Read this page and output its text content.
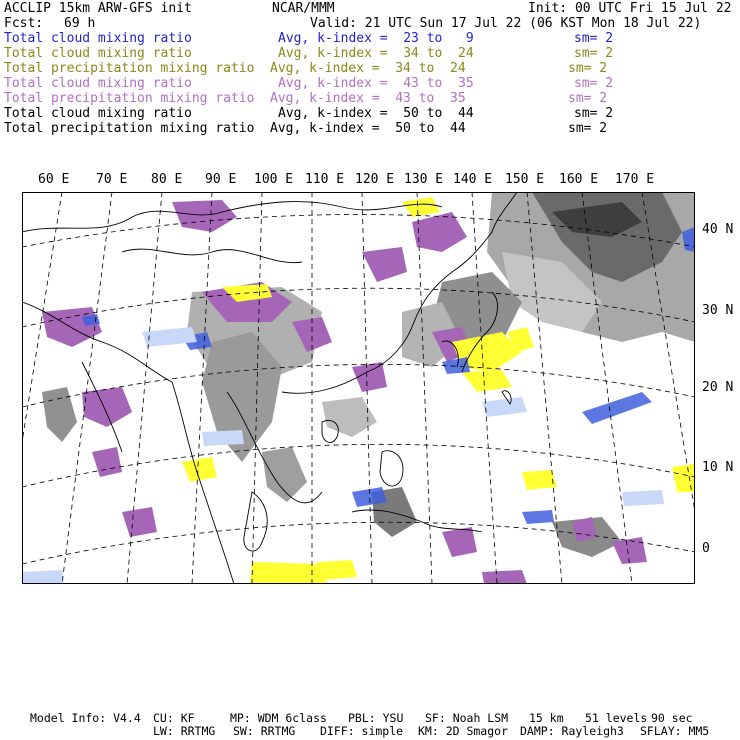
ACCLIP 15km ARW-GFS init	NCAR/MMM	Init: 00 UTC Fri 15 Jul 22
Fcst: 69 h	Valid: 21 UTC Sun 17 Jul 22 (06 KST Mon 18 Jul 22)
Total cloud mixing ratio	Avg, k-index =  23 to   9	sm= 2
Total cloud mixing ratio	Avg, k-index =  34 to  24	sm= 2
Total precipitation mixing ratio Avg, k-index =  34 to  24	sm= 2
Total cloud mixing ratio	Avg, k-index =  43 to  35	sm= 2
Total precipitation mixing ratio Avg, k-index =  43 to  35	sm= 2
Total cloud mixing ratio	Avg, k-index =  50 to  44	sm= 2
Total precipitation mixing ratio Avg, k-index =  50 to  44	sm= 2
60 E 70 E 80 E 90 E 100 E 110 E 120 E 130 E 140 E 150 E 160 E 170 E
40 N
30 N
20 N
10 N
0
Model Info: V4.4 CU: KF	MP: WDM 6class PBL: YSU SF: Noah LSM 15 km 51 levels 90 sec
LW: RRTMG SW: RRTMG DIFF: simple KM: 2D Smagor DAMP: Rayleigh3 SFLAY: MM5
